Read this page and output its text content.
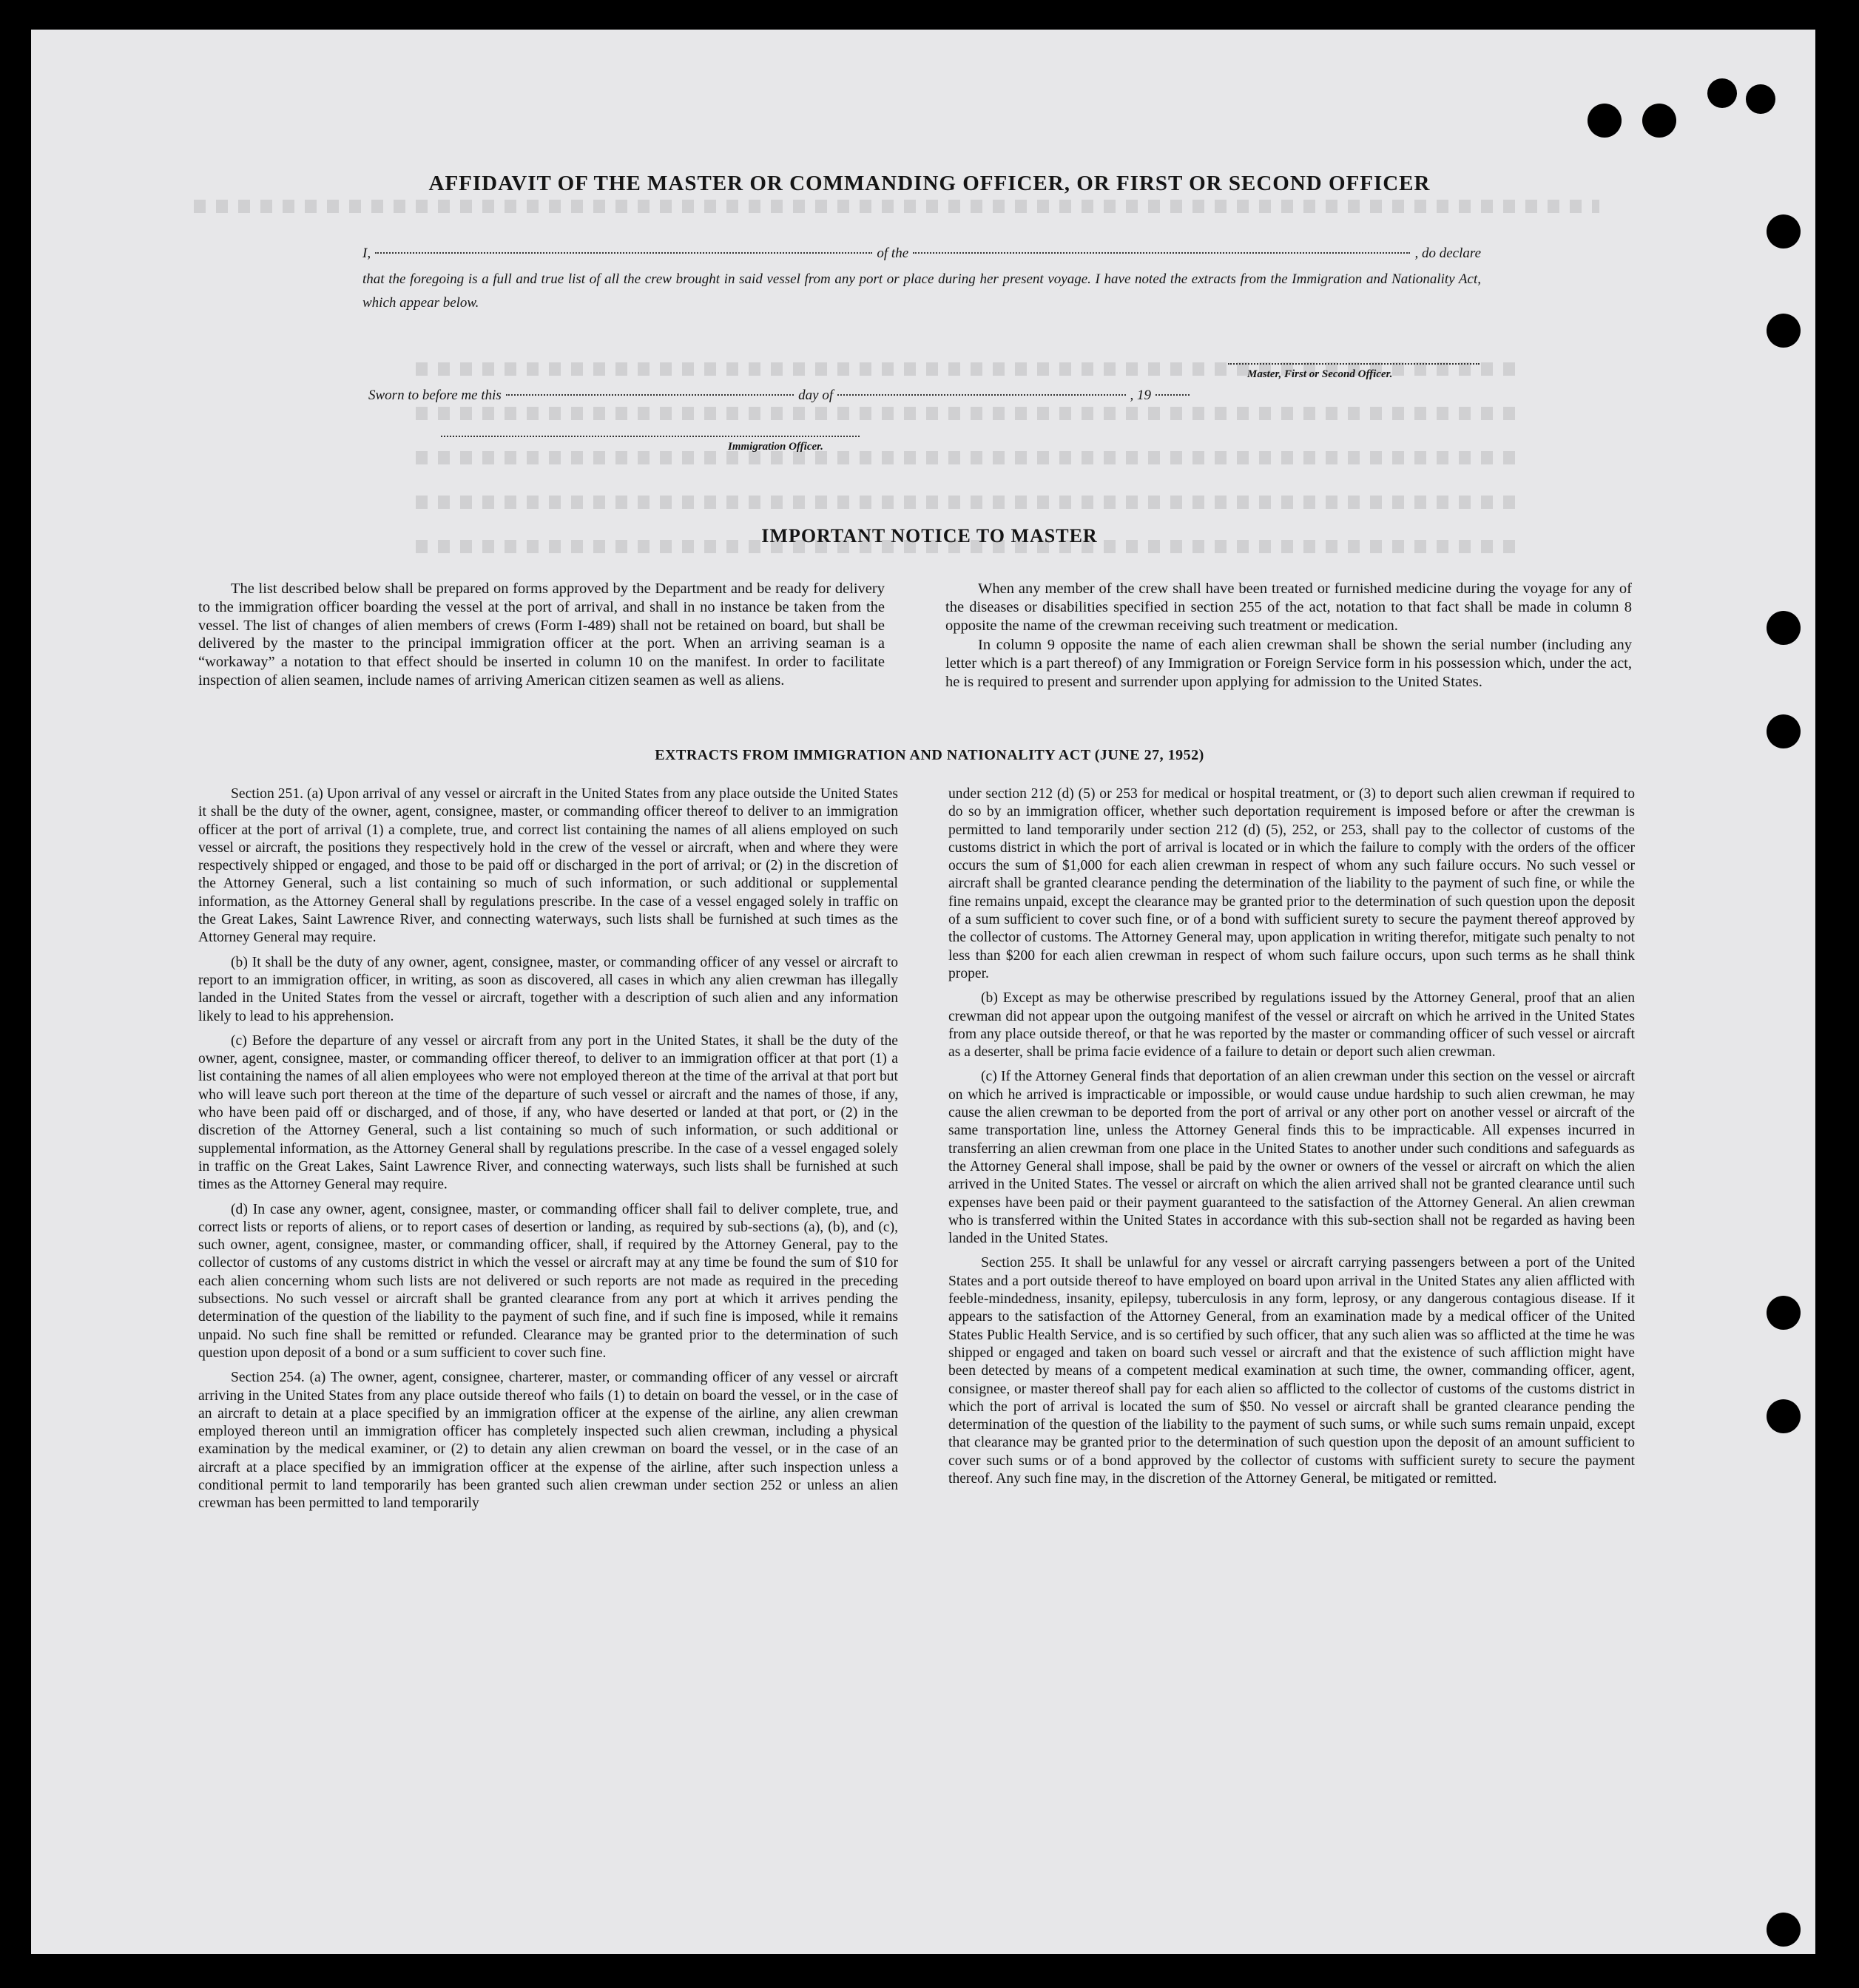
AFFIDAVIT OF THE MASTER OR COMMANDING OFFICER, OR FIRST OR SECOND OFFICER
I,	of the	, do declare
that the foregoing is a full and true list of all the crew brought in said vessel from any port or place during her present voyage. I have noted the extracts from the Immigration and Nationality Act, which appear below.
Master, First or Second Officer.
Sworn to before me this	day of	, 19
Immigration Officer.
IMPORTANT NOTICE TO MASTER

The list described below shall be prepared on forms approved by the Department and be ready for delivery to the immigration officer boarding the vessel at the port of arrival, and shall in no instance be taken from the vessel. The list of changes of alien members of crews (Form I-489) shall not be retained on board, but shall be delivered by the master to the principal immigration officer at the port. When an arriving seaman is a “workaway” a notation to that effect should be inserted in column 10 on the manifest. In order to facilitate inspection of alien seamen, include names of arriving American citizen seamen as well as aliens.

When any member of the crew shall have been treated or furnished medicine during the voyage for any of the diseases or disabilities specified in section 255 of the act, notation to that fact shall be made in column 8 opposite the name of the crewman receiving such treatment or medication.

In column 9 opposite the name of each alien crewman shall be shown the serial number (including any letter which is a part thereof) of any Immigration or Foreign Service form in his possession which, under the act, he is required to present and surrender upon applying for admission to the United States.

EXTRACTS FROM IMMIGRATION AND NATIONALITY ACT (JUNE 27, 1952)

Section 251. (a) Upon arrival of any vessel or aircraft in the United States from any place outside the United States it shall be the duty of the owner, agent, consignee, master, or commanding officer thereof to deliver to an immigration officer at the port of arrival (1) a complete, true, and correct list containing the names of all aliens employed on such vessel or aircraft, the positions they respectively hold in the crew of the vessel or aircraft, when and where they were respectively shipped or engaged, and those to be paid off or discharged in the port of arrival; or (2) in the discretion of the Attorney General, such a list containing so much of such information, or such additional or supplemental information, as the Attorney General shall by regulations prescribe. In the case of a vessel engaged solely in traffic on the Great Lakes, Saint Lawrence River, and connecting waterways, such lists shall be furnished at such times as the Attorney General may require.

(b) It shall be the duty of any owner, agent, consignee, master, or commanding officer of any vessel or aircraft to report to an immigration officer, in writing, as soon as discovered, all cases in which any alien crewman has illegally landed in the United States from the vessel or aircraft, together with a description of such alien and any information likely to lead to his apprehension.

(c) Before the departure of any vessel or aircraft from any port in the United States, it shall be the duty of the owner, agent, consignee, master, or commanding officer thereof, to deliver to an immigration officer at that port (1) a list containing the names of all alien employees who were not employed thereon at the time of the arrival at that port but who will leave such port thereon at the time of the departure of such vessel or aircraft and the names of those, if any, who have been paid off or discharged, and of those, if any, who have deserted or landed at that port, or (2) in the discretion of the Attorney General, such a list containing so much of such information, or such additional or supplemental information, as the Attorney General shall by regulations prescribe. In the case of a vessel engaged solely in traffic on the Great Lakes, Saint Lawrence River, and connecting waterways, such lists shall be furnished at such times as the Attorney General may require.

(d) In case any owner, agent, consignee, master, or commanding officer shall fail to deliver complete, true, and correct lists or reports of aliens, or to report cases of desertion or landing, as required by sub-sections (a), (b), and (c), such owner, agent, consignee, master, or commanding officer, shall, if required by the Attorney General, pay to the collector of customs of any customs district in which the vessel or aircraft may at any time be found the sum of $10 for each alien concerning whom such lists are not delivered or such reports are not made as required in the preceding subsections. No such vessel or aircraft shall be granted clearance from any port at which it arrives pending the determination of the question of the liability to the payment of such fine, and if such fine is imposed, while it remains unpaid. No such fine shall be remitted or refunded. Clearance may be granted prior to the determination of such question upon deposit of a bond or a sum sufficient to cover such fine.

Section 254. (a) The owner, agent, consignee, charterer, master, or commanding officer of any vessel or aircraft arriving in the United States from any place outside thereof who fails (1) to detain on board the vessel, or in the case of an aircraft to detain at a place specified by an immigration officer at the expense of the airline, any alien crewman employed thereon until an immigration officer has completely inspected such alien crewman, including a physical examination by the medical examiner, or (2) to detain any alien crewman on board the vessel, or in the case of an aircraft at a place specified by an immigration officer at the expense of the airline, after such inspection unless a conditional permit to land temporarily has been granted such alien crewman under section 252 or unless an alien crewman has been permitted to land temporarily

under section 212 (d) (5) or 253 for medical or hospital treatment, or (3) to deport such alien crewman if required to do so by an immigration officer, whether such deportation requirement is imposed before or after the crewman is permitted to land temporarily under section 212 (d) (5), 252, or 253, shall pay to the collector of customs of the customs district in which the port of arrival is located or in which the failure to comply with the orders of the officer occurs the sum of $1,000 for each alien crewman in respect of whom any such failure occurs. No such vessel or aircraft shall be granted clearance pending the determination of the liability to the payment of such fine, or while the fine remains unpaid, except the clearance may be granted prior to the determination of such question upon the deposit of a sum sufficient to cover such fine, or of a bond with sufficient surety to secure the payment thereof approved by the collector of customs. The Attorney General may, upon application in writing therefor, mitigate such penalty to not less than $200 for each alien crewman in respect of whom such failure occurs, upon such terms as he shall think proper.

(b) Except as may be otherwise prescribed by regulations issued by the Attorney General, proof that an alien crewman did not appear upon the outgoing manifest of the vessel or aircraft on which he arrived in the United States from any place outside thereof, or that he was reported by the master or commanding officer of such vessel or aircraft as a deserter, shall be prima facie evidence of a failure to detain or deport such alien crewman.

(c) If the Attorney General finds that deportation of an alien crewman under this section on the vessel or aircraft on which he arrived is impracticable or impossible, or would cause undue hardship to such alien crewman, he may cause the alien crewman to be deported from the port of arrival or any other port on another vessel or aircraft of the same transportation line, unless the Attorney General finds this to be impracticable. All expenses incurred in transferring an alien crewman from one place in the United States to another under such conditions and safeguards as the Attorney General shall impose, shall be paid by the owner or owners of the vessel or aircraft on which the alien arrived in the United States. The vessel or aircraft on which the alien arrived shall not be granted clearance until such expenses have been paid or their payment guaranteed to the satisfaction of the Attorney General. An alien crewman who is transferred within the United States in accordance with this sub-section shall not be regarded as having been landed in the United States.

Section 255. It shall be unlawful for any vessel or aircraft carrying passengers between a port of the United States and a port outside thereof to have employed on board upon arrival in the United States any alien afflicted with feeble-mindedness, insanity, epilepsy, tuberculosis in any form, leprosy, or any dangerous contagious disease. If it appears to the satisfaction of the Attorney General, from an examination made by a medical officer of the United States Public Health Service, and is so certified by such officer, that any such alien was so afflicted at the time he was shipped or engaged and taken on board such vessel or aircraft and that the existence of such affliction might have been detected by means of a competent medical examination at such time, the owner, commanding officer, agent, consignee, or master thereof shall pay for each alien so afflicted to the collector of customs of the customs district in which the port of arrival is located the sum of $50. No vessel or aircraft shall be granted clearance pending the determination of the question of the liability to the payment of such sums, or while such sums remain unpaid, except that clearance may be granted prior to the determination of such question upon the deposit of an amount sufficient to cover such sums or of a bond approved by the collector of customs with sufficient surety to secure the payment thereof. Any such fine may, in the discretion of the Attorney General, be mitigated or remitted.
